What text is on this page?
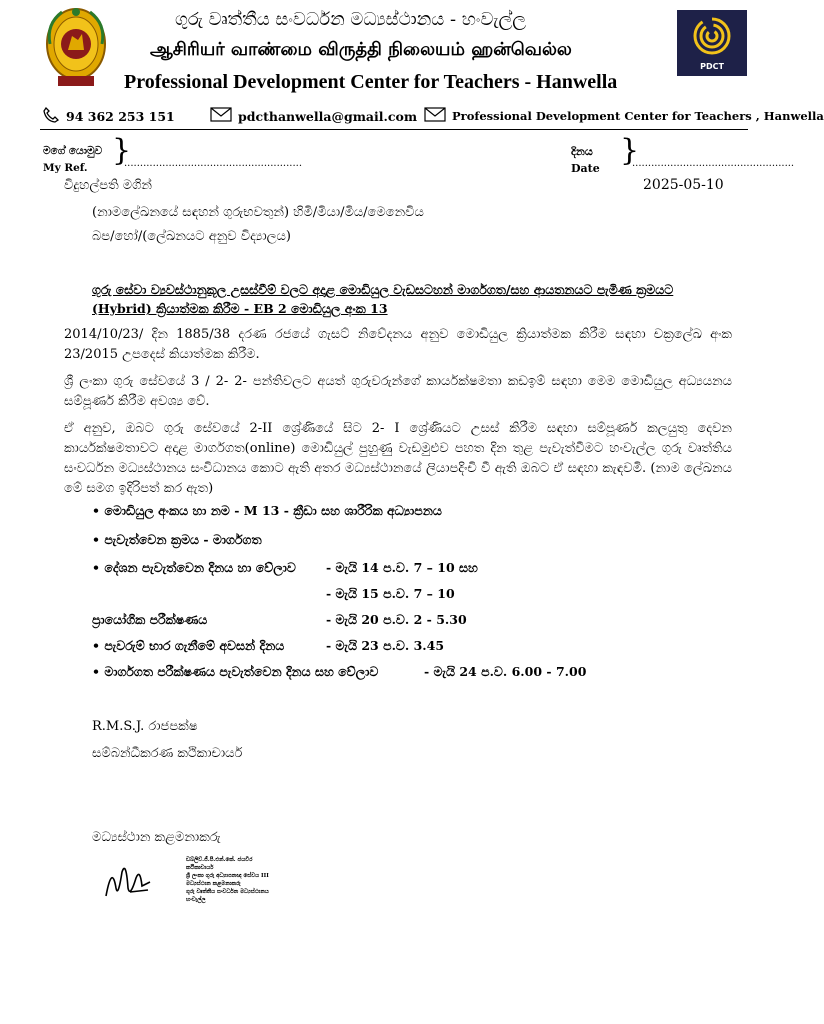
PDCT
ගුරු වෘත්තීය සංවර්ධන මධ්‍යස්ථානය - හංවැල්ල
ஆசிரியர் வாண்மை விருத்தி நிலையம் ஹன்வெல்ல
Professional Development Center for Teachers - Hanwella
94 362 253 151	pdcthanwella@gmail.com	Professional Development Center for Teachers , Hanwella
මගේ යොමුව
My Ref. }
........................................................
දිනය
Date
}
...................................................
2025-05-10
විදුහල්පති මගින්
(නාමලේඛනයේ සඳහන් ගුරුභවතුන්) හිමි/මියා/මිය/මෙනෙවිය
බප/හෝ/(ලේඛනයට අනුව විද්‍යාලය)
ගුරු සේවා ව්‍යවස්ථානුකූල උසස්වීම් වලට අදාළ මොඩියුල වැඩසටහන් මාර්ගගත/සහ ආයතනයට පැමිණ ක්‍රමයට (Hybrid) ක්‍රියාත්මක කිරීම - EB 2 මොඩියුල අංක 13
2014/10/23/ දින 1885/38 දරණ රජයේ ගැසට් නිවේදනය අනුව මොඩියුල ක්‍රියාත්මක කිරීම සඳහා චක්‍රලේඛ අංක 23/2015 උපදෙස් කියාත්මක කිරීම.
ශ්‍රී ලංකා ගුරු සේවයේ 3 / 2- 2- පන්තිවලට අයත් ගුරුවරුන්ගේ කාර්යක්ෂමතා කඩඉම් සඳහා මෙම මොඩියුල අධ්‍යයනය සම්පූර්ණ කිරීම අවශ්‍ය වේ.
ඒ අනුව, ඔබට ගුරු සේවයේ 2-II ශ්‍රේණියේ සිට 2- I ශ්‍රේණියට උසස් කිරීම සඳහා සම්පූර්ණ කලයුතු දෙවන කාර්යක්ෂමතාවට අදාළ මාර්ගගත(online) මොඩියුල් පුහුණු වැඩමුළුව පහත දින තුළ පැවැත්වීමට හංවැල්ල ගුරු වෘත්තිය සංවර්ධන මධ්‍යස්ථානය සංවිධානය කොට ඇති අතර මධ්‍යස්ථානයේ ලියාපදිංචි වී ඇති ඔබට ඒ සඳහා කැඳවමි. (නාම ලේඛනය මේ සමග ඉදිරිපත් කර ඇත)
• මොඩියුල අංකය හා නම - M 13 - ක්‍රීඩා සහ ශාරීරික අධ්‍යාපනය
• පැවැත්වෙන ක්‍රමය - මාර්ගගත
• දේශන පැවැත්වෙන දිනය හා වේලාව - මැයි 14 ප.ව. 7 – 10 සහ
- මැයි 15 ප.ව. 7 – 10
ප්‍රායෝගික පරීක්ෂණය	- මැයි 20 ප.ව. 2 - 5.30
• පැවරුම් භාර ගැනීමේ අවසන් දිනය	- මැයි 23 ප.ව. 3.45
• මාර්ගගත පරීක්ෂණය පැවැත්වෙන දිනය සහ වේලාව	- මැයි 24 ප.ව. 6.00 - 7.00
R.M.S.J. රාජපක්ෂ
සම්බන්ධීකරණ කථිකාචාර්ය
මධ්‍යස්ථාන කළමනාකරු
ඩබ්ලිව්.ජී.පී.එන්.කේ. ජයවීර
කථිකාචාර්ය
ශ්‍රී ලංකා ගුරු අධ්‍යාපනඥ සේවය III
මධ්‍යස්ථාන කළමනාකරු
ගුරු වෘත්තීය සංවර්ධන මධ්‍යස්ථානය
හංවැල්ල
